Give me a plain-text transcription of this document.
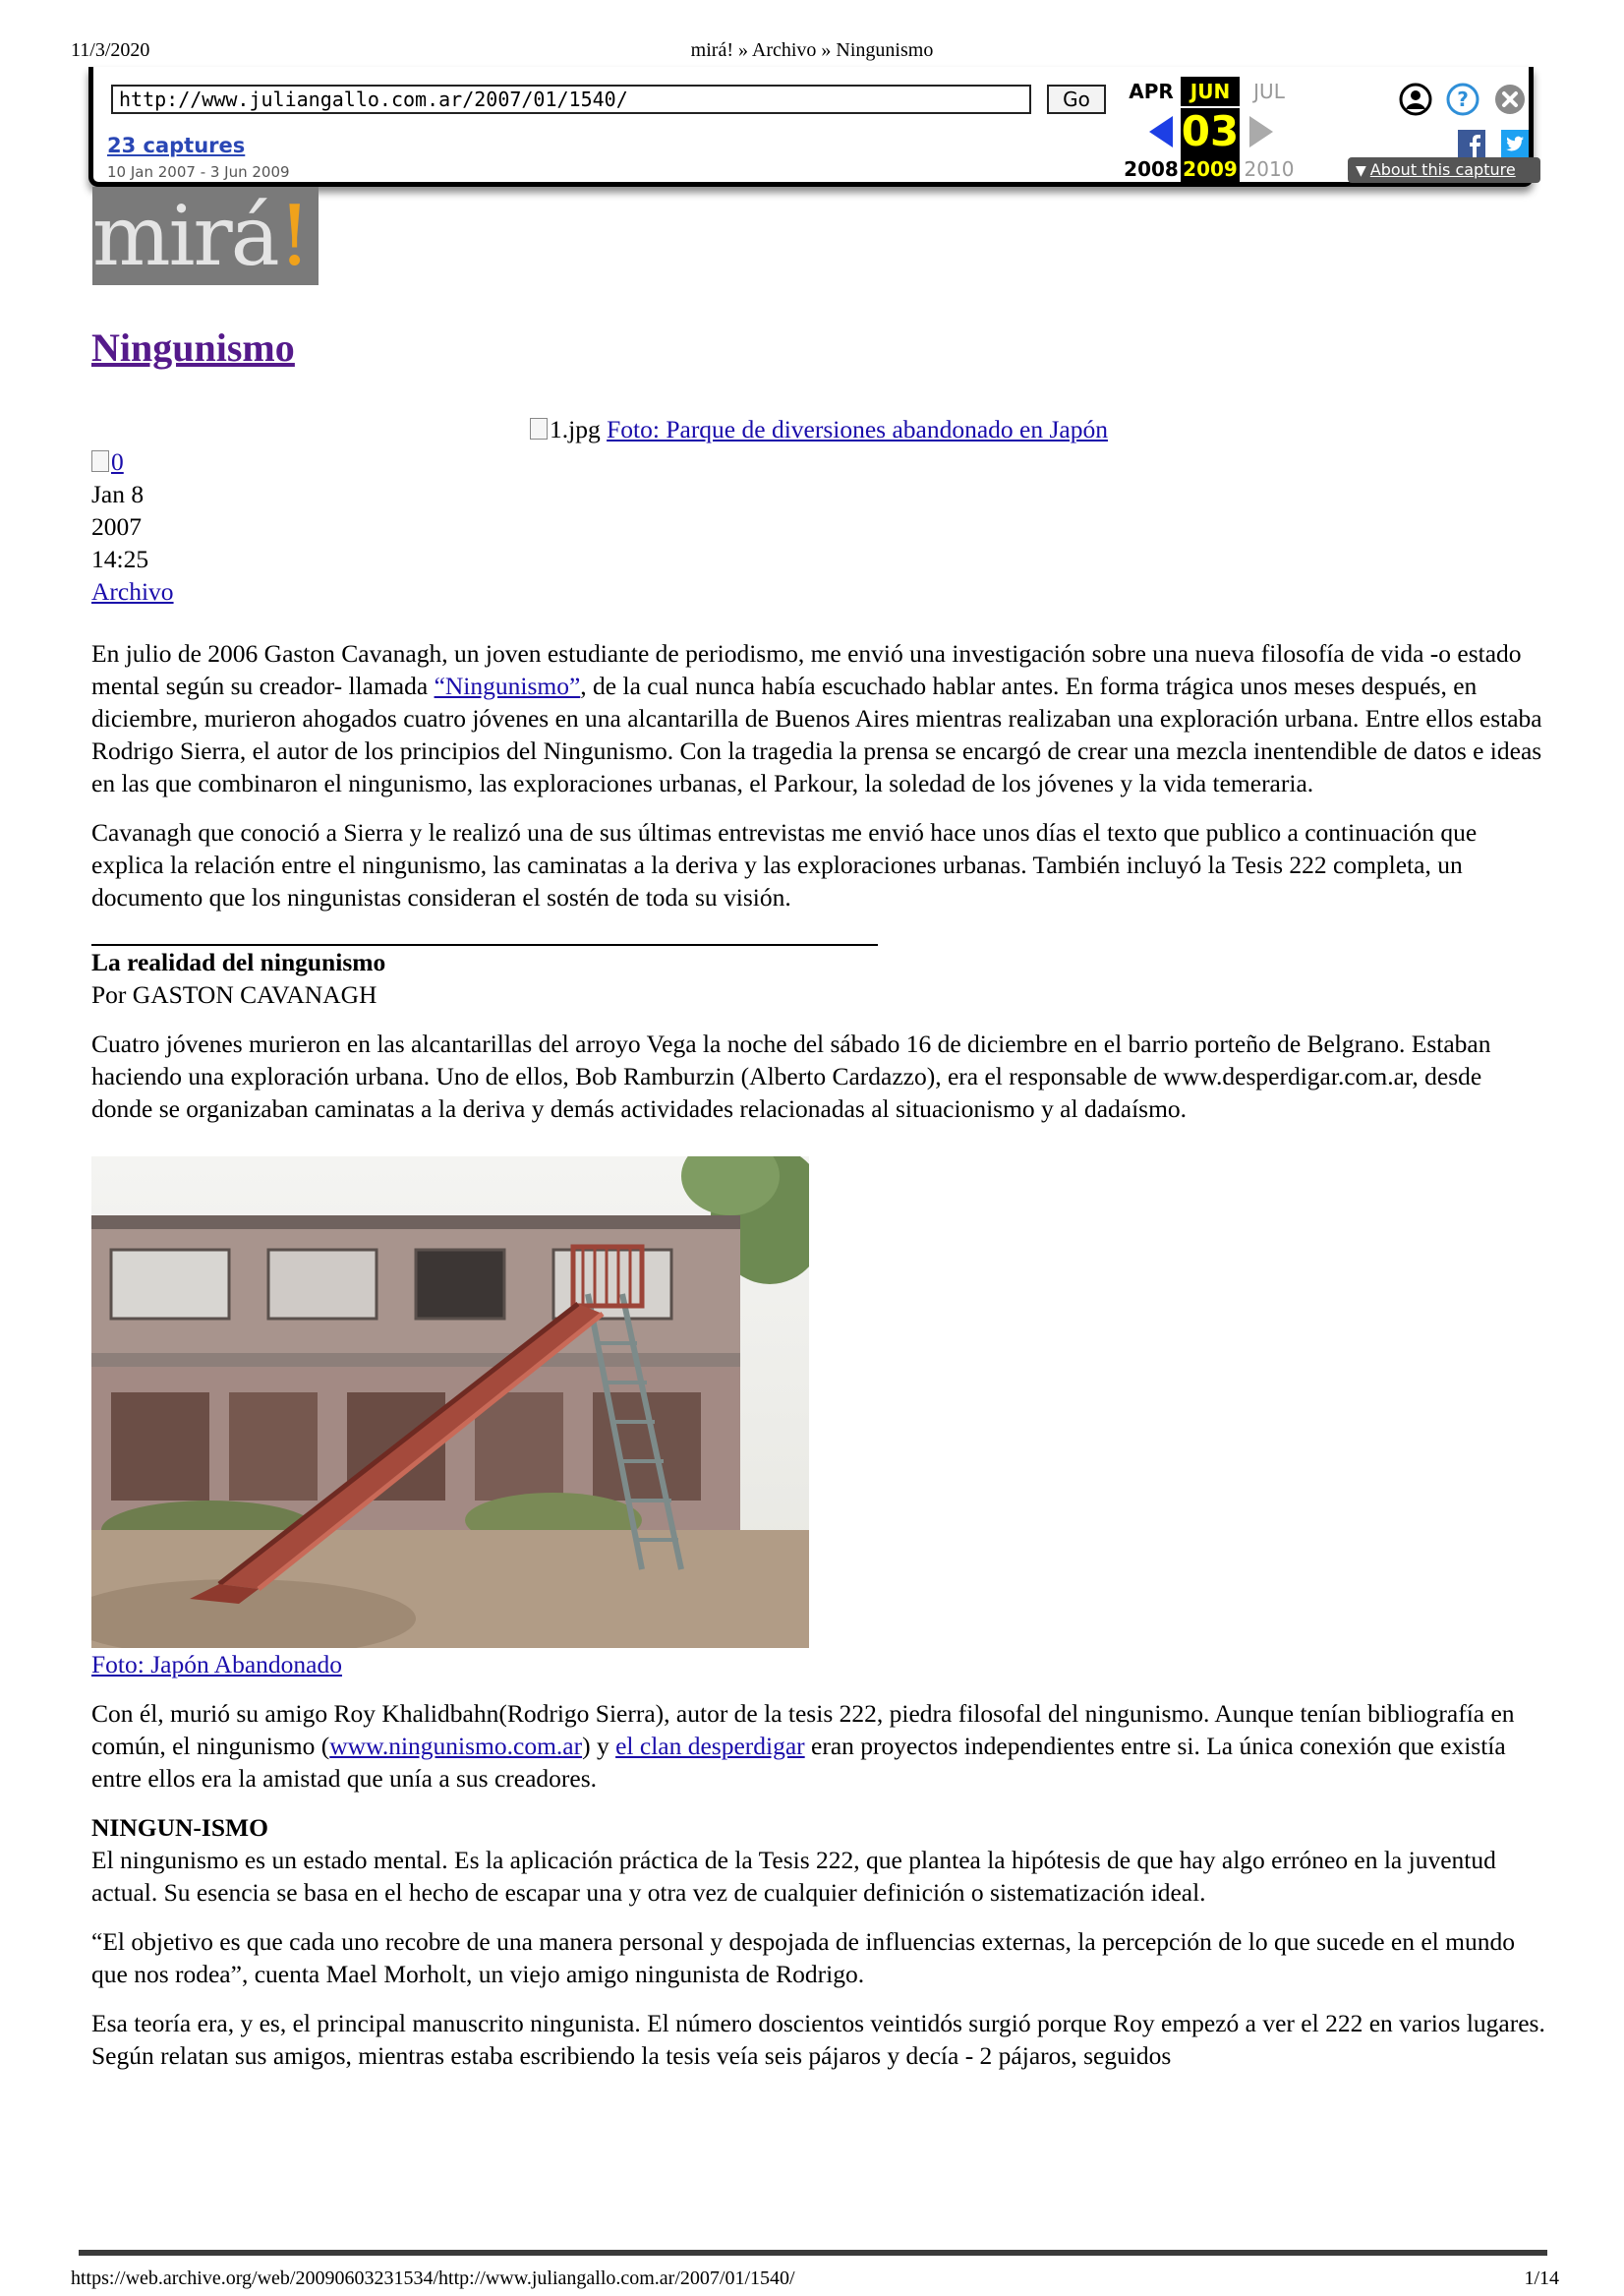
11/3/2020	mirá! » Archivo » Ningunismo
http://www.juliangallo.com.ar/2007/01/1540/	Go
23 captures
10 Jan 2007 - 3 Jun 2009
APR JUN	JUL
03
2008 2009 2010
?
▼ About this capture
mirá!
Ningunismo
1.jpg Foto: Parque de diversiones abandonado en Japón
0
Jan 8
2007
14:25
Archivo

En julio de 2006 Gaston Cavanagh, un joven estudiante de periodismo, me envió una investigación sobre una nueva filosofía de vida -o estado mental según su creador- llamada “Ningunismo”, de la cual nunca había escuchado hablar antes. En forma trágica unos meses después, en diciembre, murieron ahogados cuatro jóvenes en una alcantarilla de Buenos Aires mientras realizaban una exploración urbana. Entre ellos estaba Rodrigo Sierra, el autor de los principios del Ningunismo. Con la tragedia la prensa se encargó de crear una mezcla inentendible de datos e ideas en las que combinaron el ningunismo, las exploraciones urbanas, el Parkour, la soledad de los jóvenes y la vida temeraria.

Cavanagh que conoció a Sierra y le realizó una de sus últimas entrevistas me envió hace unos días el texto que publico a continuación que explica la relación entre el ningunismo, las caminatas a la deriva y las exploraciones urbanas. También incluyó la Tesis 222 completa, un documento que los ningunistas consideran el sostén de toda su visión.

La realidad del ningunismo

Por GASTON CAVANAGH

Cuatro jóvenes murieron en las alcantarillas del arroyo Vega la noche del sábado 16 de diciembre en el barrio porteño de Belgrano. Estaban haciendo una exploración urbana. Uno de ellos, Bob Ramburzin (Alberto Cardazzo), era el responsable de www.desperdigar.com.ar, desde donde se organizaban caminatas a la deriva y demás actividades relacionadas al situacionismo y al dadaísmo.

Foto: Japón Abandonado

Con él, murió su amigo Roy Khalidbahn(Rodrigo Sierra), autor de la tesis 222, piedra filosofal del ningunismo. Aunque tenían bibliografía en común, el ningunismo (www.ningunismo.com.ar) y el clan desperdigar eran proyectos independientes entre si. La única conexión que existía entre ellos era la amistad que unía a sus creadores.

NINGUN-ISMO

El ningunismo es un estado mental. Es la aplicación práctica de la Tesis 222, que plantea la hipótesis de que hay algo erróneo en la juventud actual. Su esencia se basa en el hecho de escapar una y otra vez de cualquier definición o sistematización ideal.

“El objetivo es que cada uno recobre de una manera personal y despojada de influencias externas, la percepción de lo que sucede en el mundo que nos rodea”, cuenta Mael Morholt, un viejo amigo ningunista de Rodrigo.

Esa teoría era, y es, el principal manuscrito ningunista. El número doscientos veintidós surgió porque Roy empezó a ver el 222 en varios lugares. Según relatan sus amigos, mientras estaba escribiendo la tesis veía seis pájaros y decía - 2 pájaros, seguidos

https://web.archive.org/web/20090603231534/http://www.juliangallo.com.ar/2007/01/1540/	1/14
